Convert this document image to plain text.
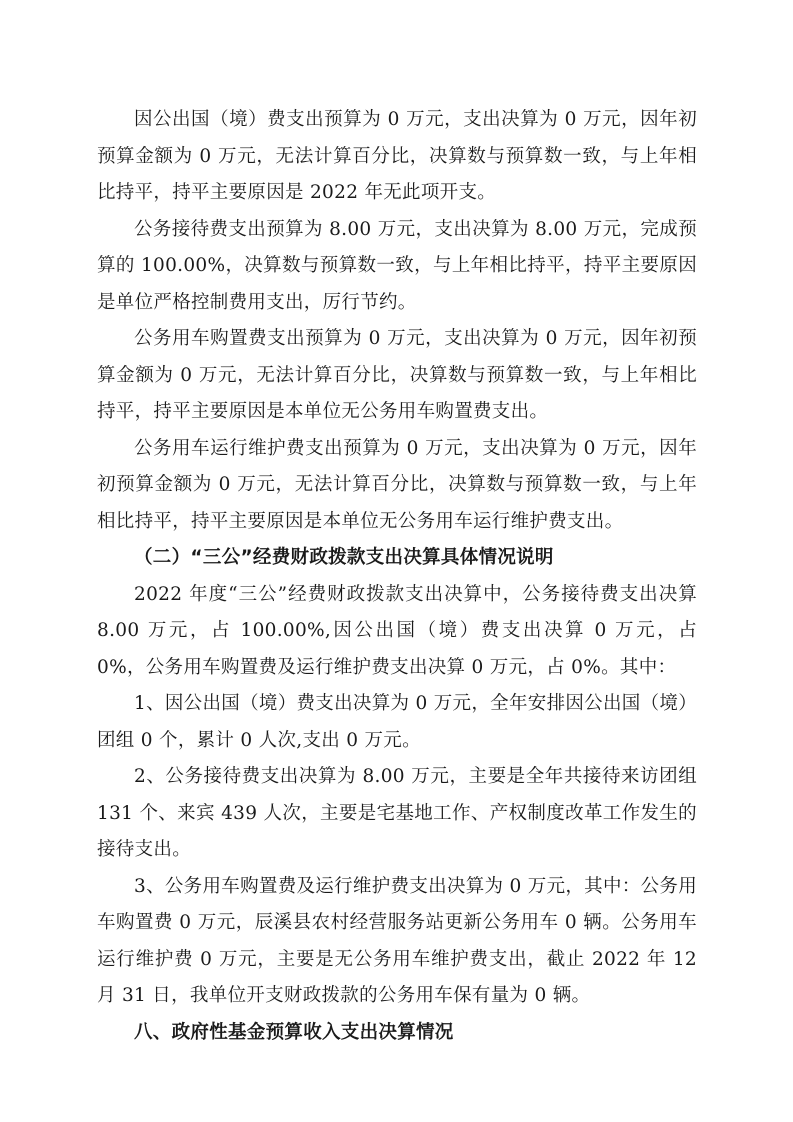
因公出国（境）费支出预算为 0 万元，支出决算为 0 万元，因年初预算金额为 0 万元，无法计算百分比，决算数与预算数一致，与上年相比持平，持平主要原因是 2022 年无此项开支。

公务接待费支出预算为 8.00 万元，支出决算为 8.00 万元，完成预算的 100.00%，决算数与预算数一致，与上年相比持平，持平主要原因是单位严格控制费用支出，厉行节约。

公务用车购置费支出预算为 0 万元，支出决算为 0 万元，因年初预算金额为 0 万元，无法计算百分比，决算数与预算数一致，与上年相比持平，持平主要原因是本单位无公务用车购置费支出。

公务用车运行维护费支出预算为 0 万元，支出决算为 0 万元，因年初预算金额为 0 万元，无法计算百分比，决算数与预算数一致，与上年相比持平，持平主要原因是本单位无公务用车运行维护费支出。

（二）“三公”经费财政拨款支出决算具体情况说明

2022 年度“三公”经费财政拨款支出决算中，公务接待费支出决算 8.00 万元，占 100.00%,因公出国（境）费支出决算 0 万元，占 0%，公务用车购置费及运行维护费支出决算 0 万元，占 0%。其中：

1、因公出国（境）费支出决算为 0 万元，全年安排因公出国（境）团组 0 个，累计 0 人次,支出 0 万元。

2、公务接待费支出决算为 8.00 万元，主要是全年共接待来访团组 131 个、来宾 439 人次，主要是宅基地工作、产权制度改革工作发生的接待支出。

3、公务用车购置费及运行维护费支出决算为 0 万元，其中：公务用车购置费 0 万元，辰溪县农村经营服务站更新公务用车 0 辆。公务用车运行维护费 0 万元，主要是无公务用车维护费支出，截止 2022 年 12 月 31 日，我单位开支财政拨款的公务用车保有量为 0 辆。

八、政府性基金预算收入支出决算情况
